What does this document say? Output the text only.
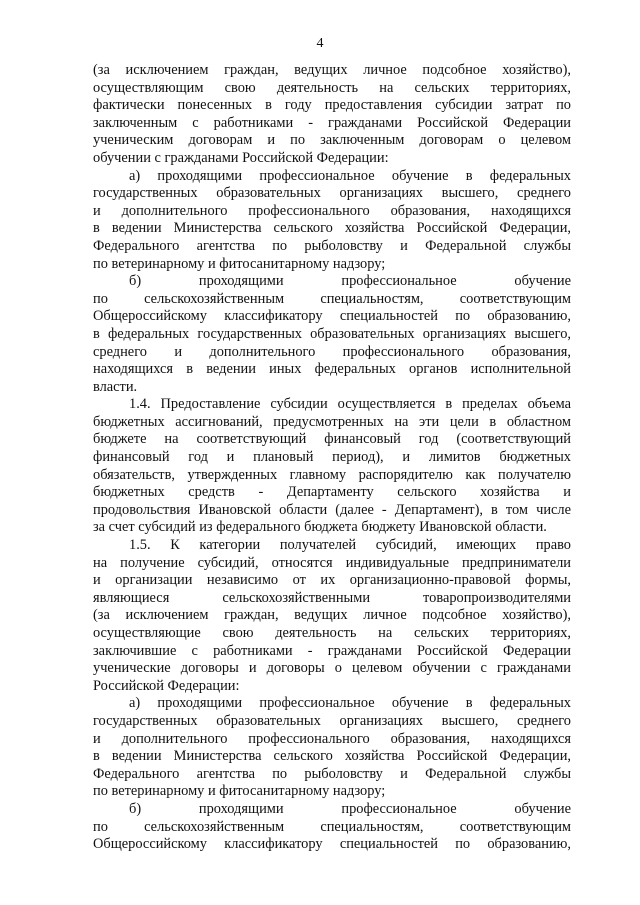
4
(за исключением граждан, ведущих личное подсобное хозяйство),
осуществляющим свою деятельность на сельских территориях,
фактически понесенных в году предоставления субсидии затрат по
заключенным с работниками - гражданами Российской Федерации
ученическим договорам и по заключенным договорам о целевом
обучении с гражданами Российской Федерации:
а) проходящими профессиональное обучение в федеральных
государственных образовательных организациях высшего, среднего
и дополнительного профессионального образования, находящихся
в ведении Министерства сельского хозяйства Российской Федерации,
Федерального агентства по рыболовству и Федеральной службы
по ветеринарному и фитосанитарному надзору;
б) проходящими профессиональное обучение
по сельскохозяйственным специальностям, соответствующим
Общероссийскому классификатору специальностей по образованию,
в федеральных государственных образовательных организациях высшего,
среднего и дополнительного профессионального образования,
находящихся в ведении иных федеральных органов исполнительной
власти.
1.4. Предоставление субсидии осуществляется в пределах объема
бюджетных ассигнований, предусмотренных на эти цели в областном
бюджете на соответствующий финансовый год (соответствующий
финансовый год и плановый период), и лимитов бюджетных
обязательств, утвержденных главному распорядителю как получателю
бюджетных средств - Департаменту сельского хозяйства и
продовольствия Ивановской области (далее - Департамент), в том числе
за счет субсидий из федерального бюджета бюджету Ивановской области.
1.5. К категории получателей субсидий, имеющих право
на получение субсидий, относятся индивидуальные предприниматели
и организации независимо от их организационно-правовой формы,
являющиеся сельскохозяйственными товаропроизводителями
(за исключением граждан, ведущих личное подсобное хозяйство),
осуществляющие свою деятельность на сельских территориях,
заключившие с работниками - гражданами Российской Федерации
ученические договоры и договоры о целевом обучении с гражданами
Российской Федерации:
а) проходящими профессиональное обучение в федеральных
государственных образовательных организациях высшего, среднего
и дополнительного профессионального образования, находящихся
в ведении Министерства сельского хозяйства Российской Федерации,
Федерального агентства по рыболовству и Федеральной службы
по ветеринарному и фитосанитарному надзору;
б) проходящими профессиональное обучение
по сельскохозяйственным специальностям, соответствующим
Общероссийскому классификатору специальностей по образованию,
